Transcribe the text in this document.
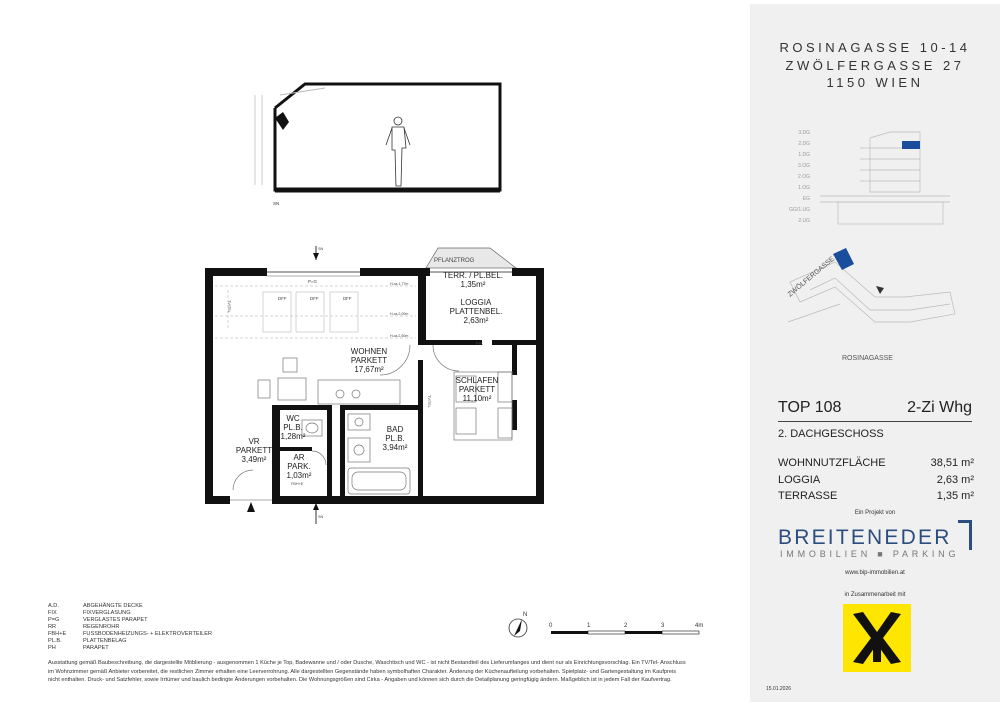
SN
PFLANZTROG
P=G
FIX
DFF	DFF	DFF
H.ca.1,77m
H.ca.2,00m
H.ca.2,50m
FBH+E
SN
SN
TV/TEL
TV/TEL
WOHNEN
PARKETT
17,67m²
TERR. / PL.BEL.
1,35m²
LOGGIA
PLATTENBEL.
2,63m²
SCHLAFEN
PARKETT
11,10m²
WC
PL.B.
1,28m²
BAD
PL.B.
3,94m²
VR
PARKETT
3,49m²	AR
PARK.
1,03m²
N
0	1	2	3	4m
A.D.	ABGEHÄNGTE DECKE
FIX	FIXVERGLASUNG
P=G	VERGLASTES PARAPET
RR	REGENROHR
FBH+E	FUSSBODENHEIZUNGS- + ELEKTROVERTEILER
PL.B.	PLATTENBELAG
PH	PARAPET
Ausstattung gemäß Baubeschreibung, die dargestellte Möblierung - ausgenommen 1 Küche je Top, Badewanne und / oder Dusche, Waschtisch und WC - ist nicht Bestandteil des Lieferumfanges und dient nur als Einrichtungsvorschlag. Ein TV/Tel- Anschluss
im Wohnzimmer gemäß Anbieter vorbereitet, die restlichen Zimmer erhalten eine Leerverrohrung. Alle dargestellten Gegenstände haben symbolhaften Charakter. Änderung der Küchenaufteilung vorbehalten. Spielplatz- und Gartengestaltung im Kaufpreis
nicht enthalten. Druck- und Satzfehler, sowie Irrtümer und baulich bedingte Änderungen vorbehalten. Die Wohnungsgrößen sind Cirka - Angaben und können sich durch die Detailplanung geringfügig ändern. Maßgeblich ist in jedem Fall der Kaufvertrag.
ROSINAGASSE 10-14
ZWÖLFERGASSE 27
1150 WIEN
3.DG
2.DG
1.DG
3.OG
2.OG
1.OG
EG
GG/1.UG
2.UG
ZWÖLFERGASSE
ROSINAGASSE
TOP 108	2-Zi Whg
2. DACHGESCHOSS
WOHNNUTZFLÄCHE	38,51 m²
LOGGIA	2,63 m²
TERRASSE	1,35 m²
Ein Projekt von
BREITENEDER
IMMOBILIEN ■ PARKING
www.bip-immobilien.at
in Zusammenarbeit mit
15.01.2026
